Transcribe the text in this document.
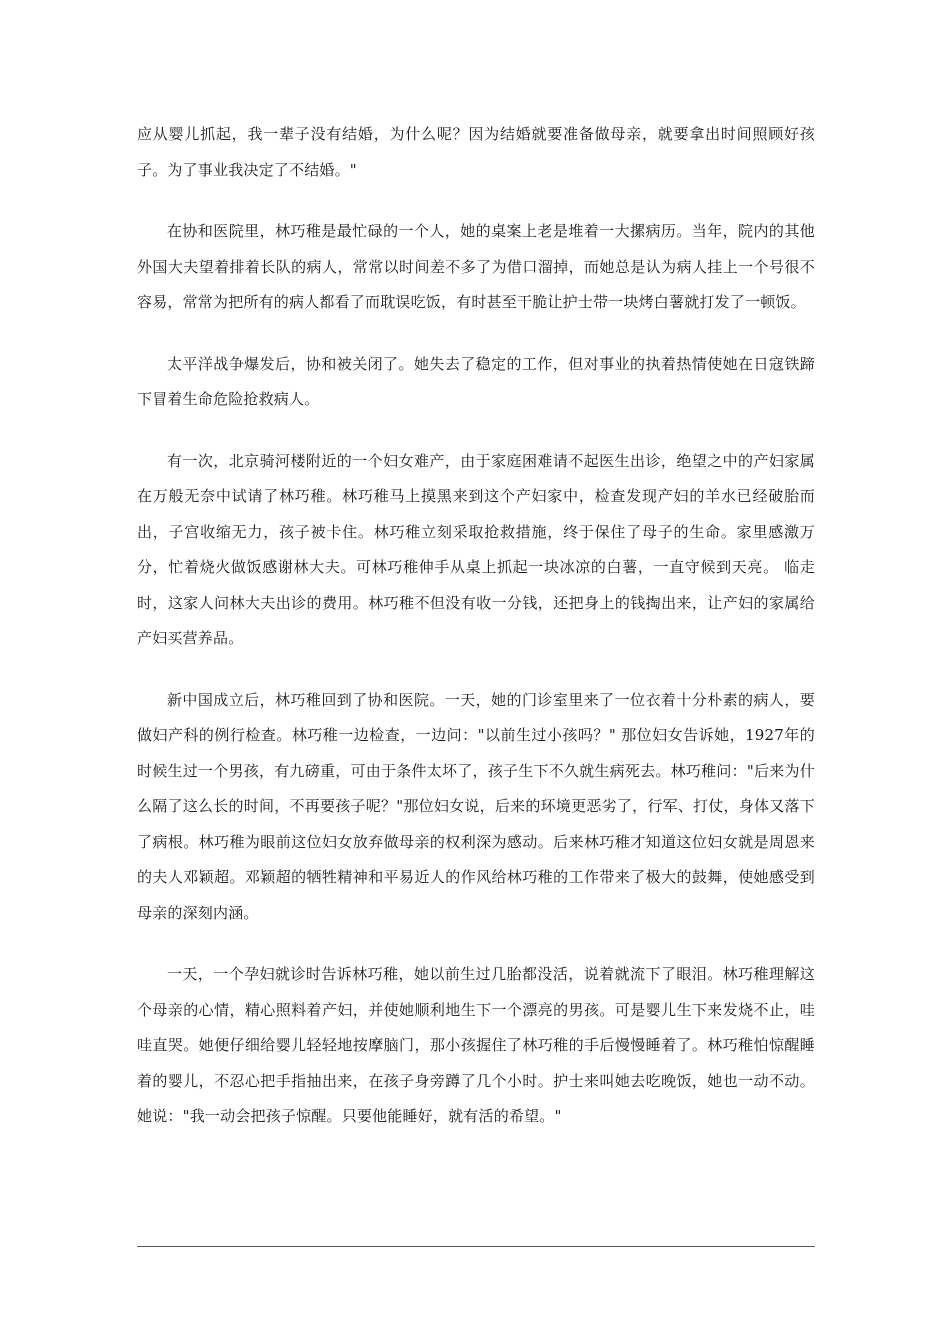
应从婴儿抓起，我一辈子没有结婚，为什么呢？因为结婚就要准备做母亲，就要拿出时间照顾好孩子。为了事业我决定了不结婚。"

在协和医院里，林巧稚是最忙碌的一个人，她的桌案上老是堆着一大摞病历。当年，院内的其他外国大夫望着排着长队的病人，常常以时间差不多了为借口溜掉，而她总是认为病人挂上一个号很不容易，常常为把所有的病人都看了而耽误吃饭，有时甚至干脆让护士带一块烤白薯就打发了一顿饭。

太平洋战争爆发后，协和被关闭了。她失去了稳定的工作，但对事业的执着热情使她在日寇铁蹄下冒着生命危险抢救病人。

有一次，北京骑河楼附近的一个妇女难产，由于家庭困难请不起医生出诊，绝望之中的产妇家属在万般无奈中试请了林巧稚。林巧稚马上摸黑来到这个产妇家中，检查发现产妇的羊水已经破胎而出，子宫收缩无力，孩子被卡住。林巧稚立刻采取抢救措施，终于保住了母子的生命。家里感激万分，忙着烧火做饭感谢林大夫。可林巧稚伸手从桌上抓起一块冰凉的白薯，一直守候到天亮。 临走时，这家人问林大夫出诊的费用。林巧稚不但没有收一分钱，还把身上的钱掏出来，让产妇的家属给产妇买营养品。

新中国成立后，林巧稚回到了协和医院。一天，她的门诊室里来了一位衣着十分朴素的病人，要做妇产科的例行检查。林巧稚一边检查，一边问："以前生过小孩吗？" 那位妇女告诉她，1927年的时候生过一个男孩，有九磅重，可由于条件太坏了，孩子生下不久就生病死去。林巧稚问："后来为什么隔了这么长的时间，不再要孩子呢？"那位妇女说，后来的环境更恶劣了，行军、打仗，身体又落下了病根。林巧稚为眼前这位妇女放弃做母亲的权利深为感动。后来林巧稚才知道这位妇女就是周恩来的夫人邓颖超。邓颖超的牺牲精神和平易近人的作风给林巧稚的工作带来了极大的鼓舞，使她感受到母亲的深刻内涵。

一天，一个孕妇就诊时告诉林巧稚，她以前生过几胎都没活，说着就流下了眼泪。林巧稚理解这个母亲的心情，精心照料着产妇，并使她顺利地生下一个漂亮的男孩。可是婴儿生下来发烧不止，哇哇直哭。她便仔细给婴儿轻轻地按摩脑门，那小孩握住了林巧稚的手后慢慢睡着了。林巧稚怕惊醒睡着的婴儿，不忍心把手指抽出来，在孩子身旁蹲了几个小时。护士来叫她去吃晚饭，她也一动不动。她说："我一动会把孩子惊醒。只要他能睡好，就有活的希望。"
